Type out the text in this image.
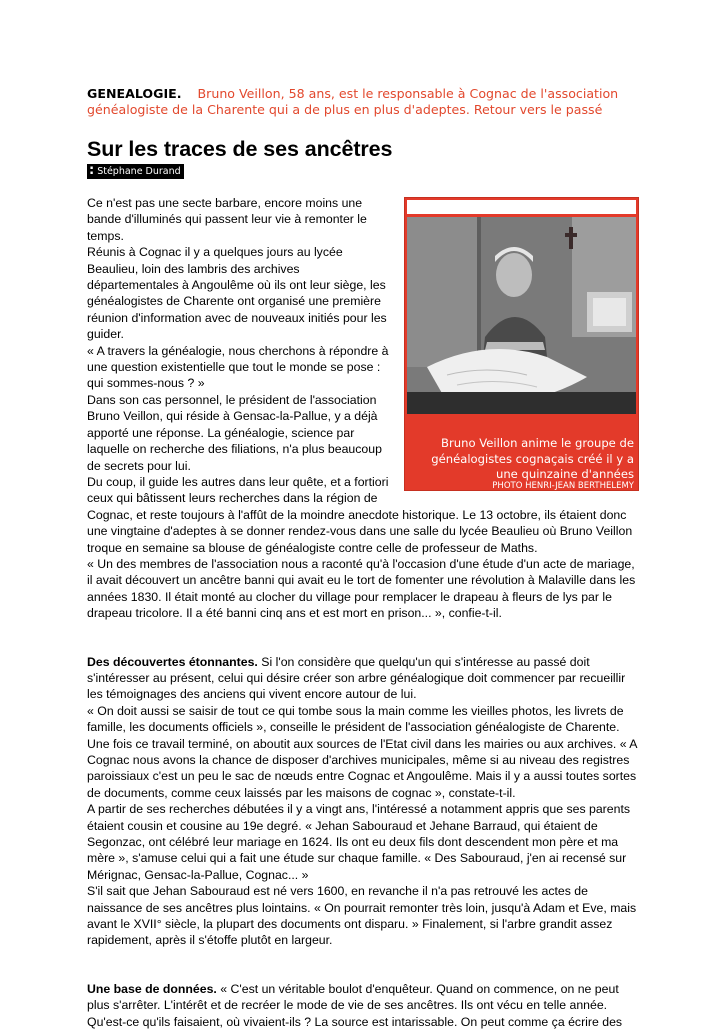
GENEALOGIE. Bruno Veillon, 58 ans, est le responsable à Cognac de l'association généalogiste de la Charente qui a de plus en plus d'adeptes. Retour vers le passé

Sur les traces de ses ancêtres
: Stéphane Durand
Bruno Veillon anime le groupe de généalogistes cognaçais créé il y a une quinzaine d'années
PHOTO HENRI-JEAN BERTHELEMY

Ce n'est pas une secte barbare, encore moins une bande d'illuminés qui passent leur vie à remonter le temps.

Réunis à Cognac il y a quelques jours au lycée Beaulieu, loin des lambris des archives départementales à Angoulême où ils ont leur siège, les généalogistes de Charente ont organisé une première réunion d'information avec de nouveaux initiés pour les guider.

« A travers la généalogie, nous cherchons à répondre à une question existentielle que tout le monde se pose : qui sommes-nous ? »

Dans son cas personnel, le président de l'association Bruno Veillon, qui réside à Gensac-la-Pallue, y a déjà apporté une réponse. La généalogie, science par laquelle on recherche des filiations, n'a plus beaucoup de secrets pour lui.

Du coup, il guide les autres dans leur quête, et a fortiori ceux qui bâtissent leurs recherches dans la région de Cognac, et reste toujours à l'affût de la moindre anecdote historique. Le 13 octobre, ils étaient donc une vingtaine d'adeptes à se donner rendez-vous dans une salle du lycée Beaulieu où Bruno Veillon troque en semaine sa blouse de généalogiste contre celle de professeur de Maths.

« Un des membres de l'association nous a raconté qu'à l'occasion d'une étude d'un acte de mariage, il avait découvert un ancêtre banni qui avait eu le tort de fomenter une révolution à Malaville dans les années 1830. Il était monté au clocher du village pour remplacer le drapeau à fleurs de lys par le drapeau tricolore. Il a été banni cinq ans et est mort en prison... », confie-t-il.

Des découvertes étonnantes. Si l'on considère que quelqu'un qui s'intéresse au passé doit s'intéresser au présent, celui qui désire créer son arbre généalogique doit commencer par recueillir les témoignages des anciens qui vivent encore autour de lui.

« On doit aussi se saisir de tout ce qui tombe sous la main comme les vieilles photos, les livrets de famille, les documents officiels », conseille le président de l'association généalogiste de Charente. Une fois ce travail terminé, on aboutit aux sources de l'Etat civil dans les mairies ou aux archives. « A Cognac nous avons la chance de disposer d'archives municipales, même si au niveau des registres paroissiaux c'est un peu le sac de nœuds entre Cognac et Angoulême. Mais il y a aussi toutes sortes de documents, comme ceux laissés par les maisons de cognac », constate-t-il.

A partir de ses recherches débutées il y a vingt ans, l'intéressé a notamment appris que ses parents étaient cousin et cousine au 19e degré. « Jehan Sabouraud et Jehane Barraud, qui étaient de Segonzac, ont célébré leur mariage en 1624. Ils ont eu deux fils dont descendent mon père et ma mère », s'amuse celui qui a fait une étude sur chaque famille. « Des Sabouraud, j'en ai recensé sur Mérignac, Gensac-la-Pallue, Cognac... »

S'il sait que Jehan Sabouraud est né vers 1600, en revanche il n'a pas retrouvé les actes de naissance de ses ancêtres plus lointains. « On pourrait remonter très loin, jusqu'à Adam et Eve, mais avant le XVII° siècle, la plupart des documents ont disparu. » Finalement, si l'arbre grandit assez rapidement, après il s'étoffe plutôt en largeur.

Une base de données. « C'est un véritable boulot d'enquêteur. Quand on commence, on ne peut plus s'arrêter. L'intérêt et de recréer le mode de vie de ses ancêtres. Ils ont vécu en telle année. Qu'est-ce qu'ils faisaient, où vivaient-ils ? La source est intarissable. On peut comme ça écrire des
